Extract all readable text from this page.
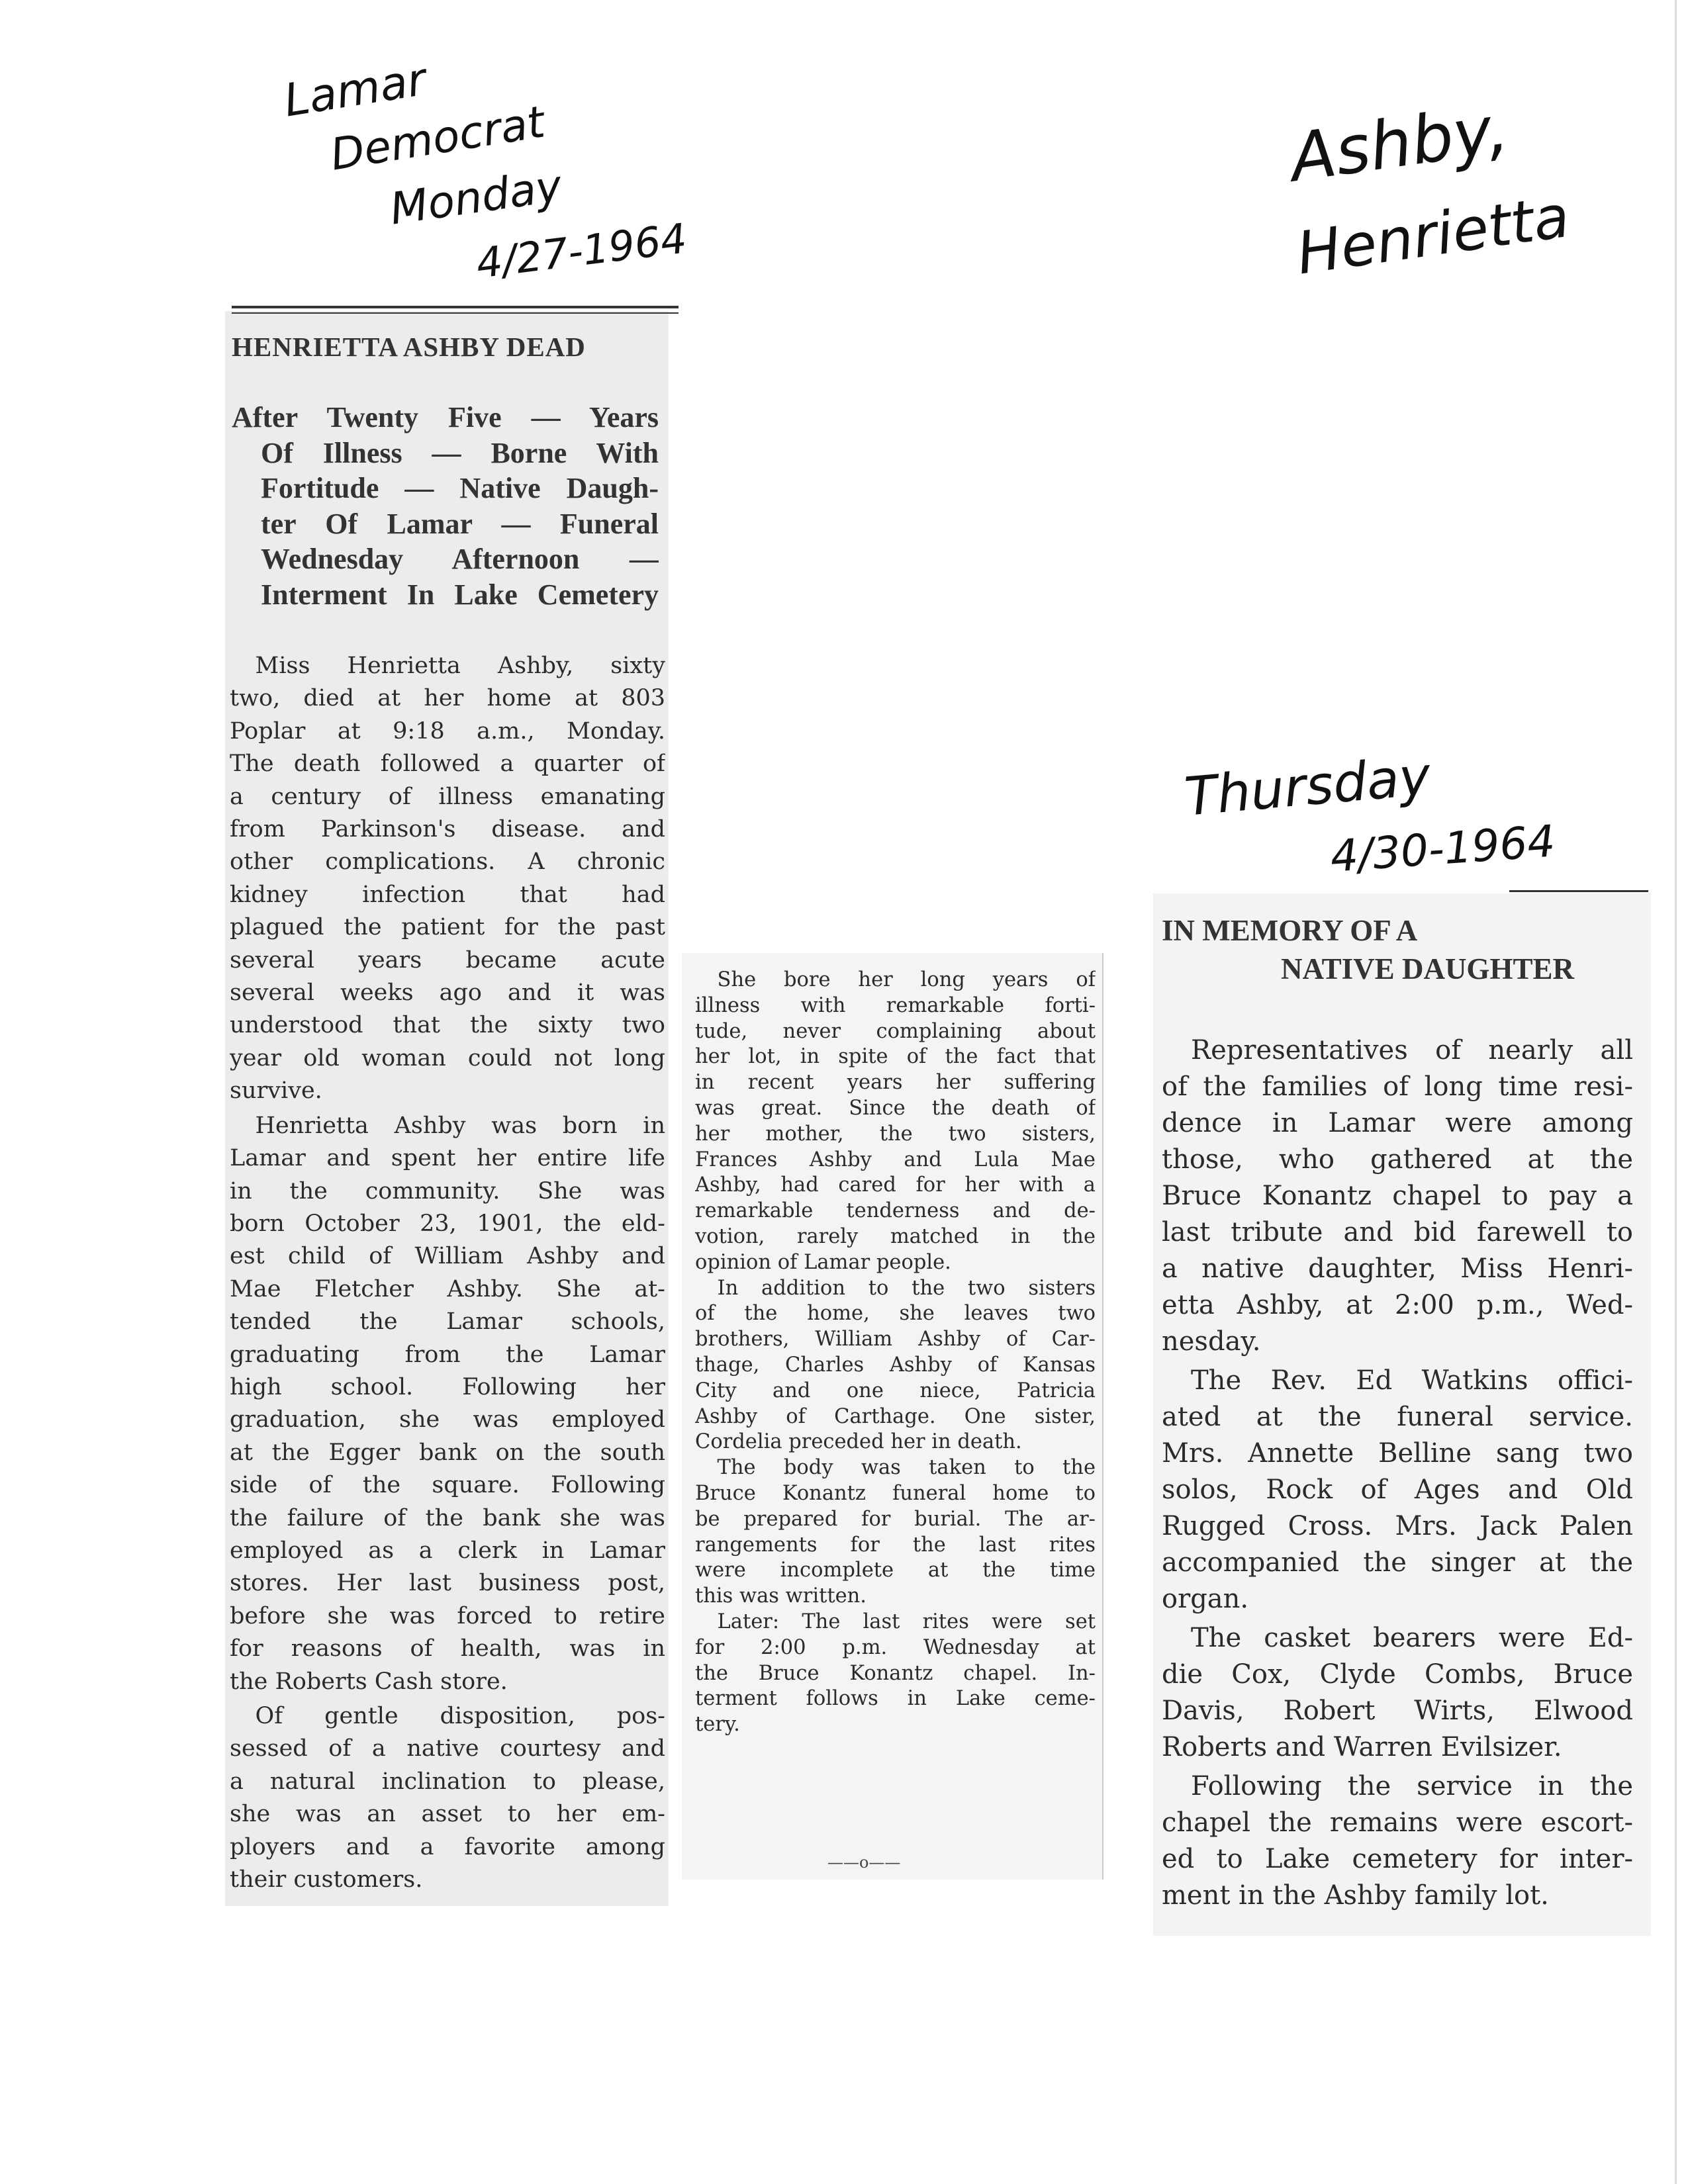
Lamar
Democrat
Monday
4/27-1964
Ashby,
Henrietta
Thursday
4/30-1964
HENRIETTA ASHBY DEAD
After Twenty Five — Years
Of Illness — Borne With
Fortitude — Native Daugh-
ter Of Lamar — Funeral
Wednesday Afternoon —
Interment In Lake Cemetery
Miss Henrietta Ashby, sixty
two, died at her home at 803
Poplar at 9:18 a.m., Monday.
The death followed a quarter of
a century of illness emanating
from Parkinson's disease. and
other complications. A chronic
kidney infection that had
plagued the patient for the past
several years became acute
several weeks ago and it was
understood that the sixty two
year old woman could not long
survive.
Henrietta Ashby was born in
Lamar and spent her entire life
in the community. She was
born October 23, 1901, the eld-
est child of William Ashby and
Mae Fletcher Ashby. She at-
tended the Lamar schools,
graduating from the Lamar
high school. Following her
graduation, she was employed
at the Egger bank on the south
side of the square. Following
the failure of the bank she was
employed as a clerk in Lamar
stores. Her last business post,
before she was forced to retire
for reasons of health, was in
the Roberts Cash store.
Of gentle disposition, pos-
sessed of a native courtesy and
a natural inclination to please,
she was an asset to her em-
ployers and a favorite among
their customers.
She bore her long years of
illness with remarkable forti-
tude, never complaining about
her lot, in spite of the fact that
in recent years her suffering
was great. Since the death of
her mother, the two sisters,
Frances Ashby and Lula Mae
Ashby, had cared for her with a
remarkable tenderness and de-
votion, rarely matched in the
opinion of Lamar people.
In addition to the two sisters
of the home, she leaves two
brothers, William Ashby of Car-
thage, Charles Ashby of Kansas
City and one niece, Patricia
Ashby of Carthage. One sister,
Cordelia preceded her in death.
The body was taken to the
Bruce Konantz funeral home to
be prepared for burial. The ar-
rangements for the last rites
were incomplete at the time
this was written.
Later: The last rites were set
for 2:00 p.m. Wednesday at
the Bruce Konantz chapel. In-
terment follows in Lake ceme-
tery.
——o——
IN MEMORY OF A
NATIVE DAUGHTER
Representatives of nearly all
of the families of long time resi-
dence in Lamar were among
those, who gathered at the
Bruce Konantz chapel to pay a
last tribute and bid farewell to
a native daughter, Miss Henri-
etta Ashby, at 2:00 p.m., Wed-
nesday.
The Rev. Ed Watkins offici-
ated at the funeral service.
Mrs. Annette Belline sang two
solos, Rock of Ages and Old
Rugged Cross. Mrs. Jack Palen
accompanied the singer at the
organ.
The casket bearers were Ed-
die Cox, Clyde Combs, Bruce
Davis, Robert Wirts, Elwood
Roberts and Warren Evilsizer.
Following the service in the
chapel the remains were escort-
ed to Lake cemetery for inter-
ment in the Ashby family lot.
